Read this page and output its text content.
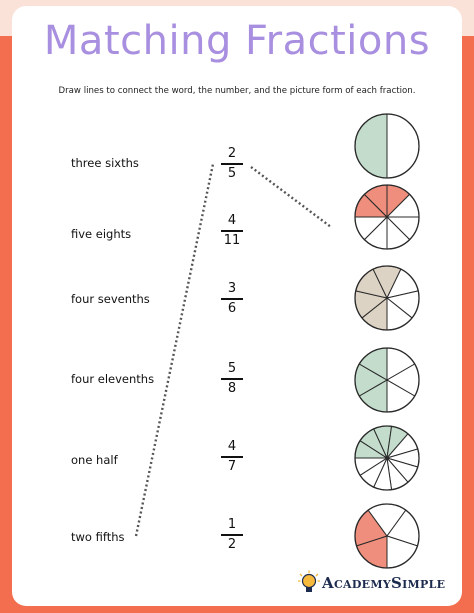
Matching Fractions
Draw lines to connect the word, the number, and the picture form of each fraction.
three sixths
five eights
four sevenths
four elevenths
one half
two fifths
2
5
4
11
3
6
5
8
4
7
1
2
AcademySimple
